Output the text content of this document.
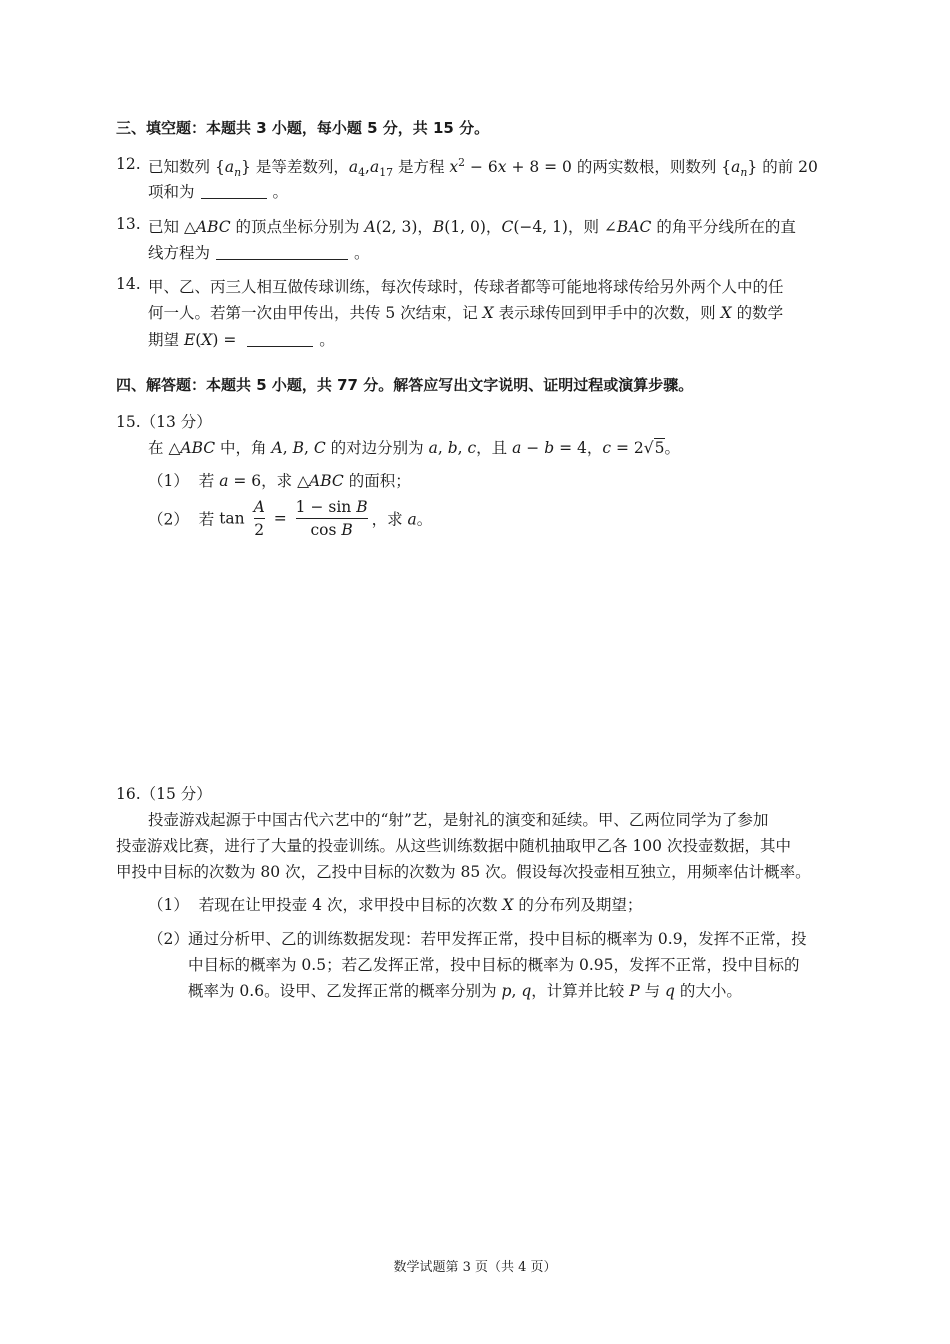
三、填空题：本题共 3 小题，每小题 5 分，共 15 分。
12. 已知数列 $\{a_n\}$ 是等差数列，$a_4,a_{17}$ 是方程 $x^2 - 6x + 8 = 0$ 的两实数根，则数列 $\{a_n\}$ 的前 20
项和为	。
13. 已知 △ABC 的顶点坐标分别为 A(2, 3)，B(1, 0)，C(−4, 1)，则 ∠BAC 的角平分线所在的直
线方程为	。
14. 甲、乙、丙三人相互做传球训练，每次传球时，传球者都等可能地将球传给另外两个人中的任
何一人。若第一次由甲传出，共传 5 次结束，记 X 表示球传回到甲手中的次数，则 X 的数学
期望 E(X) =	。
四、解答题：本题共 5 小题，共 77 分。解答应写出文字说明、证明过程或演算步骤。
15.（13 分）
在 △ABC 中，角 A, B, C 的对边分别为 a, b, c，且 a − b = 4，c = 2√5。
（1） 若 a = 6，求 △ABC 的面积；
（2） 若 $\tan \frac{A}{2} = \frac{\text{1 − sin B}}{\text{cos B}}$ ，求 a。
16.（15 分）
投壶游戏起源于中国古代六艺中的“射”艺，是射礼的演变和延续。甲、乙两位同学为了参加
投壶游戏比赛，进行了大量的投壶训练。从这些训练数据中随机抽取甲乙各 100 次投壶数据，其中
甲投中目标的次数为 80 次，乙投中目标的次数为 85 次。假设每次投壶相互独立，用频率估计概率。
（1） 若现在让甲投壶 4 次，求甲投中目标的次数 X 的分布列及期望；
（2） 通过分析甲、乙的训练数据发现：若甲发挥正常，投中目标的概率为 0.9，发挥不正常，投
中目标的概率为 0.5；若乙发挥正常，投中目标的概率为 0.95，发挥不正常，投中目标的
概率为 0.6。设甲、乙发挥正常的概率分别为 p, q，计算并比较 P 与 q 的大小。
数学试题第 3 页（共 4 页）
